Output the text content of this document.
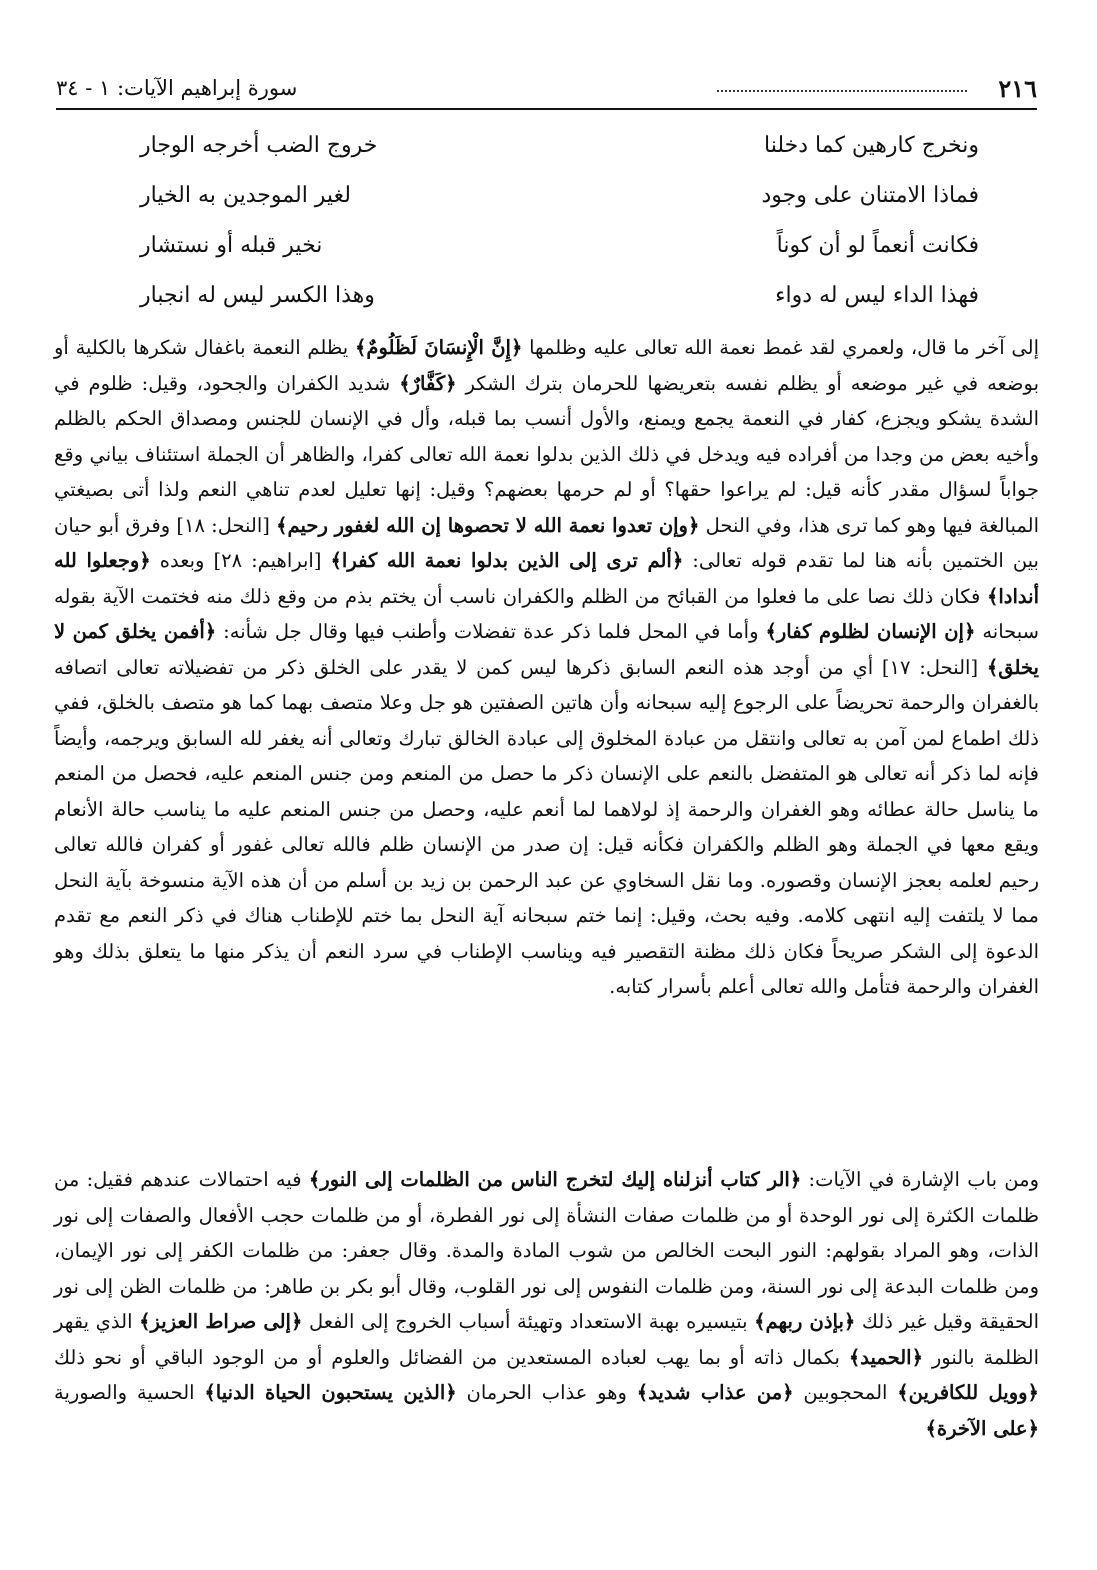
٢١٦
سورة إبراهيم الآيات: ١ - ٣٤
ونخرج كارهين كما دخلنا
خروج الضب أخرجه الوجار
فماذا الامتنان على وجود
لغير الموجدين به الخيار
فكانت أنعماً لو أن كوناً
نخير قبله أو نستشار
فهذا الداء ليس له دواء
وهذا الكسر ليس له انجبار

إلى آخر ما قال، ولعمري لقد غمط نعمة الله تعالى عليه وظلمها ﴿إِنَّ الْإِنسَانَ لَظَلُومٌ﴾ يظلم النعمة باغفال شكرها بالكلية أو بوضعه في غير موضعه أو يظلم نفسه بتعريضها للحرمان بترك الشكر ﴿كَفَّارٌ﴾ شديد الكفران والجحود، وقيل: ظلوم في الشدة يشكو ويجزع، كفار في النعمة يجمع ويمنع، والأول أنسب بما قبله، وأل في الإنسان للجنس ومصداق الحكم بالظلم وأخيه بعض من وجدا من أفراده فيه ويدخل في ذلك الذين بدلوا نعمة الله تعالى كفرا، والظاهر أن الجملة استئناف بياني وقع جواباً لسؤال مقدر كأنه قيل: لم يراعوا حقها؟ أو لم حرمها بعضهم؟ وقيل: إنها تعليل لعدم تناهي النعم ولذا أتى بصيغتي المبالغة فيها وهو كما ترى هذا، وفي النحل ﴿وإن تعدوا نعمة الله لا تحصوها إن الله لغفور رحيم﴾ [النحل: ١٨] وفرق أبو حيان بين الختمين بأنه هنا لما تقدم قوله تعالى: ﴿ألم ترى إلى الذين بدلوا نعمة الله كفرا﴾ [ابراهيم: ٢٨] وبعده ﴿وجعلوا لله أندادا﴾ فكان ذلك نصا على ما فعلوا من القبائح من الظلم والكفران ناسب أن يختم بذم من وقع ذلك منه فختمت الآية بقوله سبحانه ﴿إن الإنسان لظلوم كفار﴾ وأما في المحل فلما ذكر عدة تفضلات وأطنب فيها وقال جل شأنه: ﴿أفمن يخلق كمن لا يخلق﴾ [النحل: ١٧] أي من أوجد هذه النعم السابق ذكرها ليس كمن لا يقدر على الخلق ذكر من تفضيلاته تعالى اتصافه بالغفران والرحمة تحريضاً على الرجوع إليه سبحانه وأن هاتين الصفتين هو جل وعلا متصف بهما كما هو متصف بالخلق، ففي ذلك اطماع لمن آمن به تعالى وانتقل من عبادة المخلوق إلى عبادة الخالق تبارك وتعالى أنه يغفر لله السابق ويرجمه، وأيضاً فإنه لما ذكر أنه تعالى هو المتفضل بالنعم على الإنسان ذكر ما حصل من المنعم ومن جنس المنعم عليه، فحصل من المنعم ما يناسل حالة عطائه وهو الغفران والرحمة إذ لولاهما لما أنعم عليه، وحصل من جنس المنعم عليه ما يناسب حالة الأنعام ويقع معها في الجملة وهو الظلم والكفران فكأنه قيل: إن صدر من الإنسان ظلم فالله تعالى غفور أو كفران فالله تعالى رحيم لعلمه بعجز الإنسان وقصوره. وما نقل السخاوي عن عبد الرحمن بن زيد بن أسلم من أن هذه الآية منسوخة بآية النحل مما لا يلتفت إليه انتهى كلامه. وفيه بحث، وقيل: إنما ختم سبحانه آية النحل بما ختم للإطناب هناك في ذكر النعم مع تقدم الدعوة إلى الشكر صريحاً فكان ذلك مظنة التقصير فيه ويناسب الإطناب في سرد النعم أن يذكر منها ما يتعلق بذلك وهو الغفران والرحمة فتأمل والله تعالى أعلم بأسرار كتابه.

ومن باب الإشارة في الآيات: ﴿الر كتاب أنزلناه إليك لتخرج الناس من الظلمات إلى النور﴾ فيه احتمالات عندهم فقيل: من ظلمات الكثرة إلى نور الوحدة أو من ظلمات صفات النشأة إلى نور الفطرة، أو من ظلمات حجب الأفعال والصفات إلى نور الذات، وهو المراد بقولهم: النور البحت الخالص من شوب المادة والمدة. وقال جعفر: من ظلمات الكفر إلى نور الإيمان، ومن ظلمات البدعة إلى نور السنة، ومن ظلمات النفوس إلى نور القلوب، وقال أبو بكر بن طاهر: من ظلمات الظن إلى نور الحقيقة وقيل غير ذلك ﴿بإذن ربهم﴾ بتيسيره بهبة الاستعداد وتهيئة أسباب الخروج إلى الفعل ﴿إلى صراط العزيز﴾ الذي يقهر الظلمة بالنور ﴿الحميد﴾ بكمال ذاته أو بما يهب لعباده المستعدين من الفضائل والعلوم أو من الوجود الباقي أو نحو ذلك ﴿وويل للكافرين﴾ المحجوبين ﴿من عذاب شديد﴾ وهو عذاب الحرمان ﴿الذين يستحبون الحياة الدنيا﴾ الحسية والصورية ﴿على الآخرة﴾
